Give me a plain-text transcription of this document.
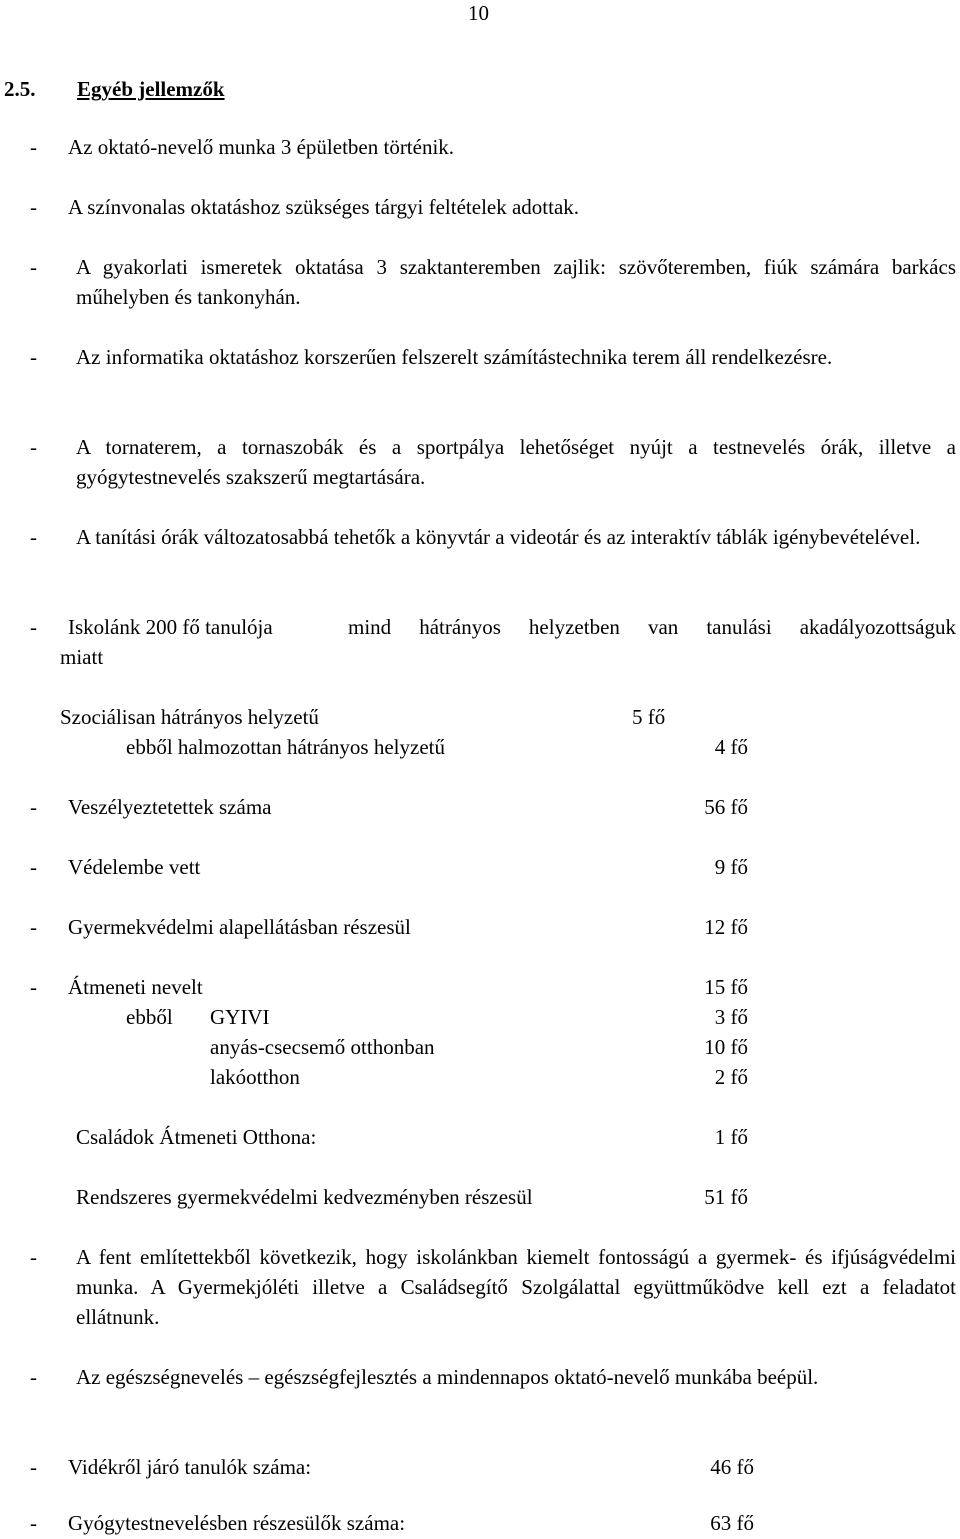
10
2.5. Egyéb jellemzők
- Az oktató-nevelő munka 3 épületben történik.
- A színvonalas oktatáshoz szükséges tárgyi feltételek adottak.
- A gyakorlati ismeretek oktatása 3 szaktanteremben zajlik: szövőteremben, fiúk számára barkács műhelyben és tankonyhán.
- Az informatika oktatáshoz korszerűen felszerelt számítástechnika terem áll rendelkezésre.
- A tornaterem, a tornaszobák és a sportpálya lehetőséget nyújt a testnevelés órák, illetve a gyógytestnevelés szakszerű megtartására.
- A tanítási órák változatosabbá tehetők a könyvtár a videotár és az interaktív táblák igénybevételével.
- Iskolánk 200 fő tanulója	mind hátrányos helyzetben van tanulási akadályozottságuk
miatt
Szociálisan hátrányos helyzetű	5 fő
ebből halmozottan hátrányos helyzetű	4 fő
- Veszélyeztetettek száma	56 fő
- Védelembe vett	9 fő
- Gyermekvédelmi alapellátásban részesül	12 fő
- Átmeneti nevelt	15 fő
ebből GYIVI	3 fő
anyás-csecsemő otthonban	10 fő
lakóotthon	2 fő
Családok Átmeneti Otthona:	1 fő
Rendszeres gyermekvédelmi kedvezményben részesül	51 fő
- A fent említettekből következik, hogy iskolánkban kiemelt fontosságú a gyermek- és ifjúságvédelmi munka. A Gyermekjóléti illetve a Családsegítő Szolgálattal együttműködve kell ezt a feladatot ellátnunk.
- Az egészségnevelés – egészségfejlesztés a mindennapos oktató-nevelő munkába beépül.
- Vidékről járó tanulók száma:	46 fő
- Gyógytestnevelésben részesülők száma:	63 fő
